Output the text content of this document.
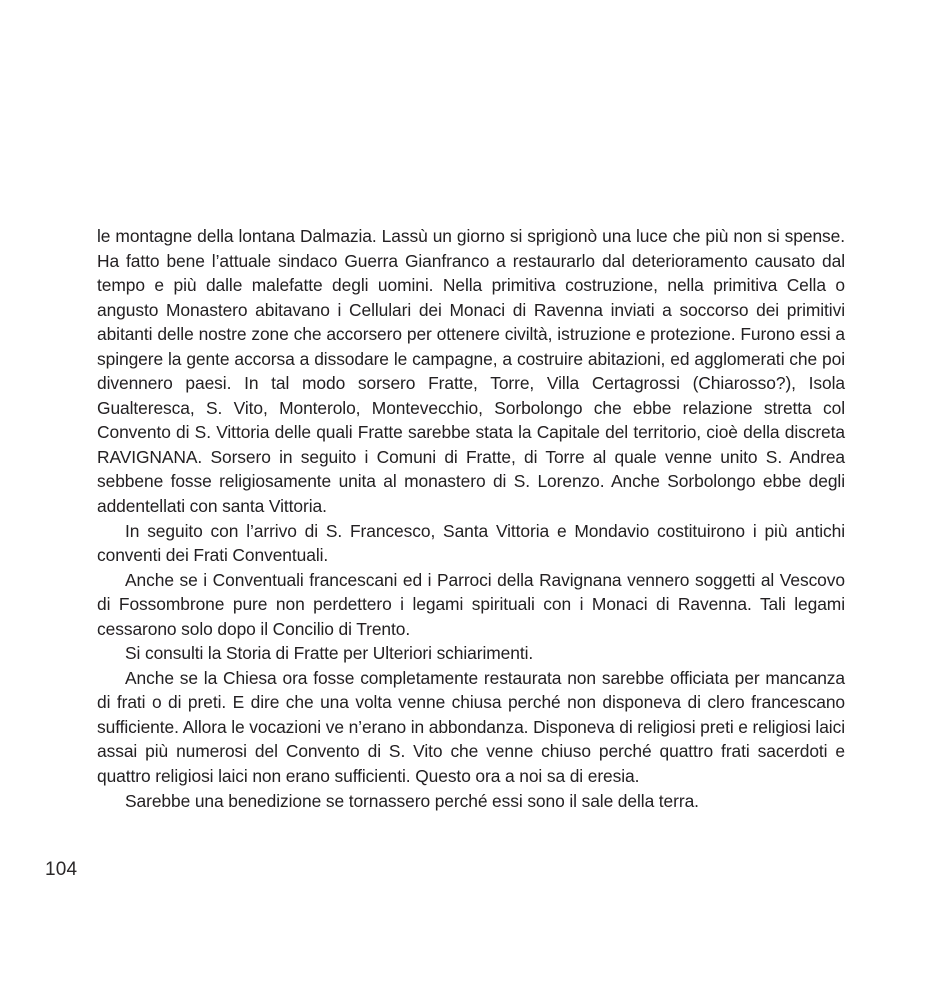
le montagne della lontana Dalmazia. Lassù un giorno si sprigionò una luce che più non si spense. Ha fatto bene l’attuale sindaco Guerra Gianfranco a restaurarlo dal deterioramento causato dal tempo e più dalle malefatte degli uomini. Nella primitiva costruzione, nella primitiva Cella o angusto Monastero abitavano i Cellulari dei Monaci di Ravenna inviati a soccorso dei primitivi abitanti delle nostre zone che accorsero per ottenere civiltà, istruzione e protezione. Furono essi a spingere la gente accorsa a dissodare le campagne, a costruire abitazioni, ed agglomerati che poi divennero paesi. In tal modo sorsero Fratte, Torre, Villa Certagrossi (Chiarosso?), Isola Gualteresca, S. Vito, Monterolo, Montevecchio, Sorbolongo che ebbe relazione stretta col Convento di S. Vittoria delle quali Fratte sarebbe stata la Capitale del territorio, cioè della discreta RAVIGNANA. Sorsero in seguito i Comuni di Fratte, di Torre al quale venne unito S. Andrea sebbene fosse religiosamente unita al monastero di S. Lorenzo. Anche Sorbolongo ebbe degli addentellati con santa Vittoria.

In seguito con l’arrivo di S. Francesco, Santa Vittoria e Mondavio costituirono i più antichi conventi dei Frati Conventuali.

Anche se i Conventuali francescani ed i Parroci della Ravignana vennero soggetti al Vescovo di Fossombrone pure non perdettero i legami spirituali con i Monaci di Ravenna. Tali legami cessarono solo dopo il Concilio di Trento.

Si consulti la Storia di Fratte per Ulteriori schiarimenti.

Anche se la Chiesa ora fosse completamente restaurata non sarebbe officiata per mancanza di frati o di preti. E dire che una volta venne chiusa perché non disponeva di clero francescano sufficiente. Allora le vocazioni ve n’erano in abbondanza. Disponeva di religiosi preti e religiosi laici assai più numerosi del Convento di S. Vito che venne chiuso perché quattro frati sacerdoti e quattro religiosi laici non erano sufficienti. Questo ora a noi sa di eresia.

Sarebbe una benedizione se tornassero perché essi sono il sale della terra.

104
